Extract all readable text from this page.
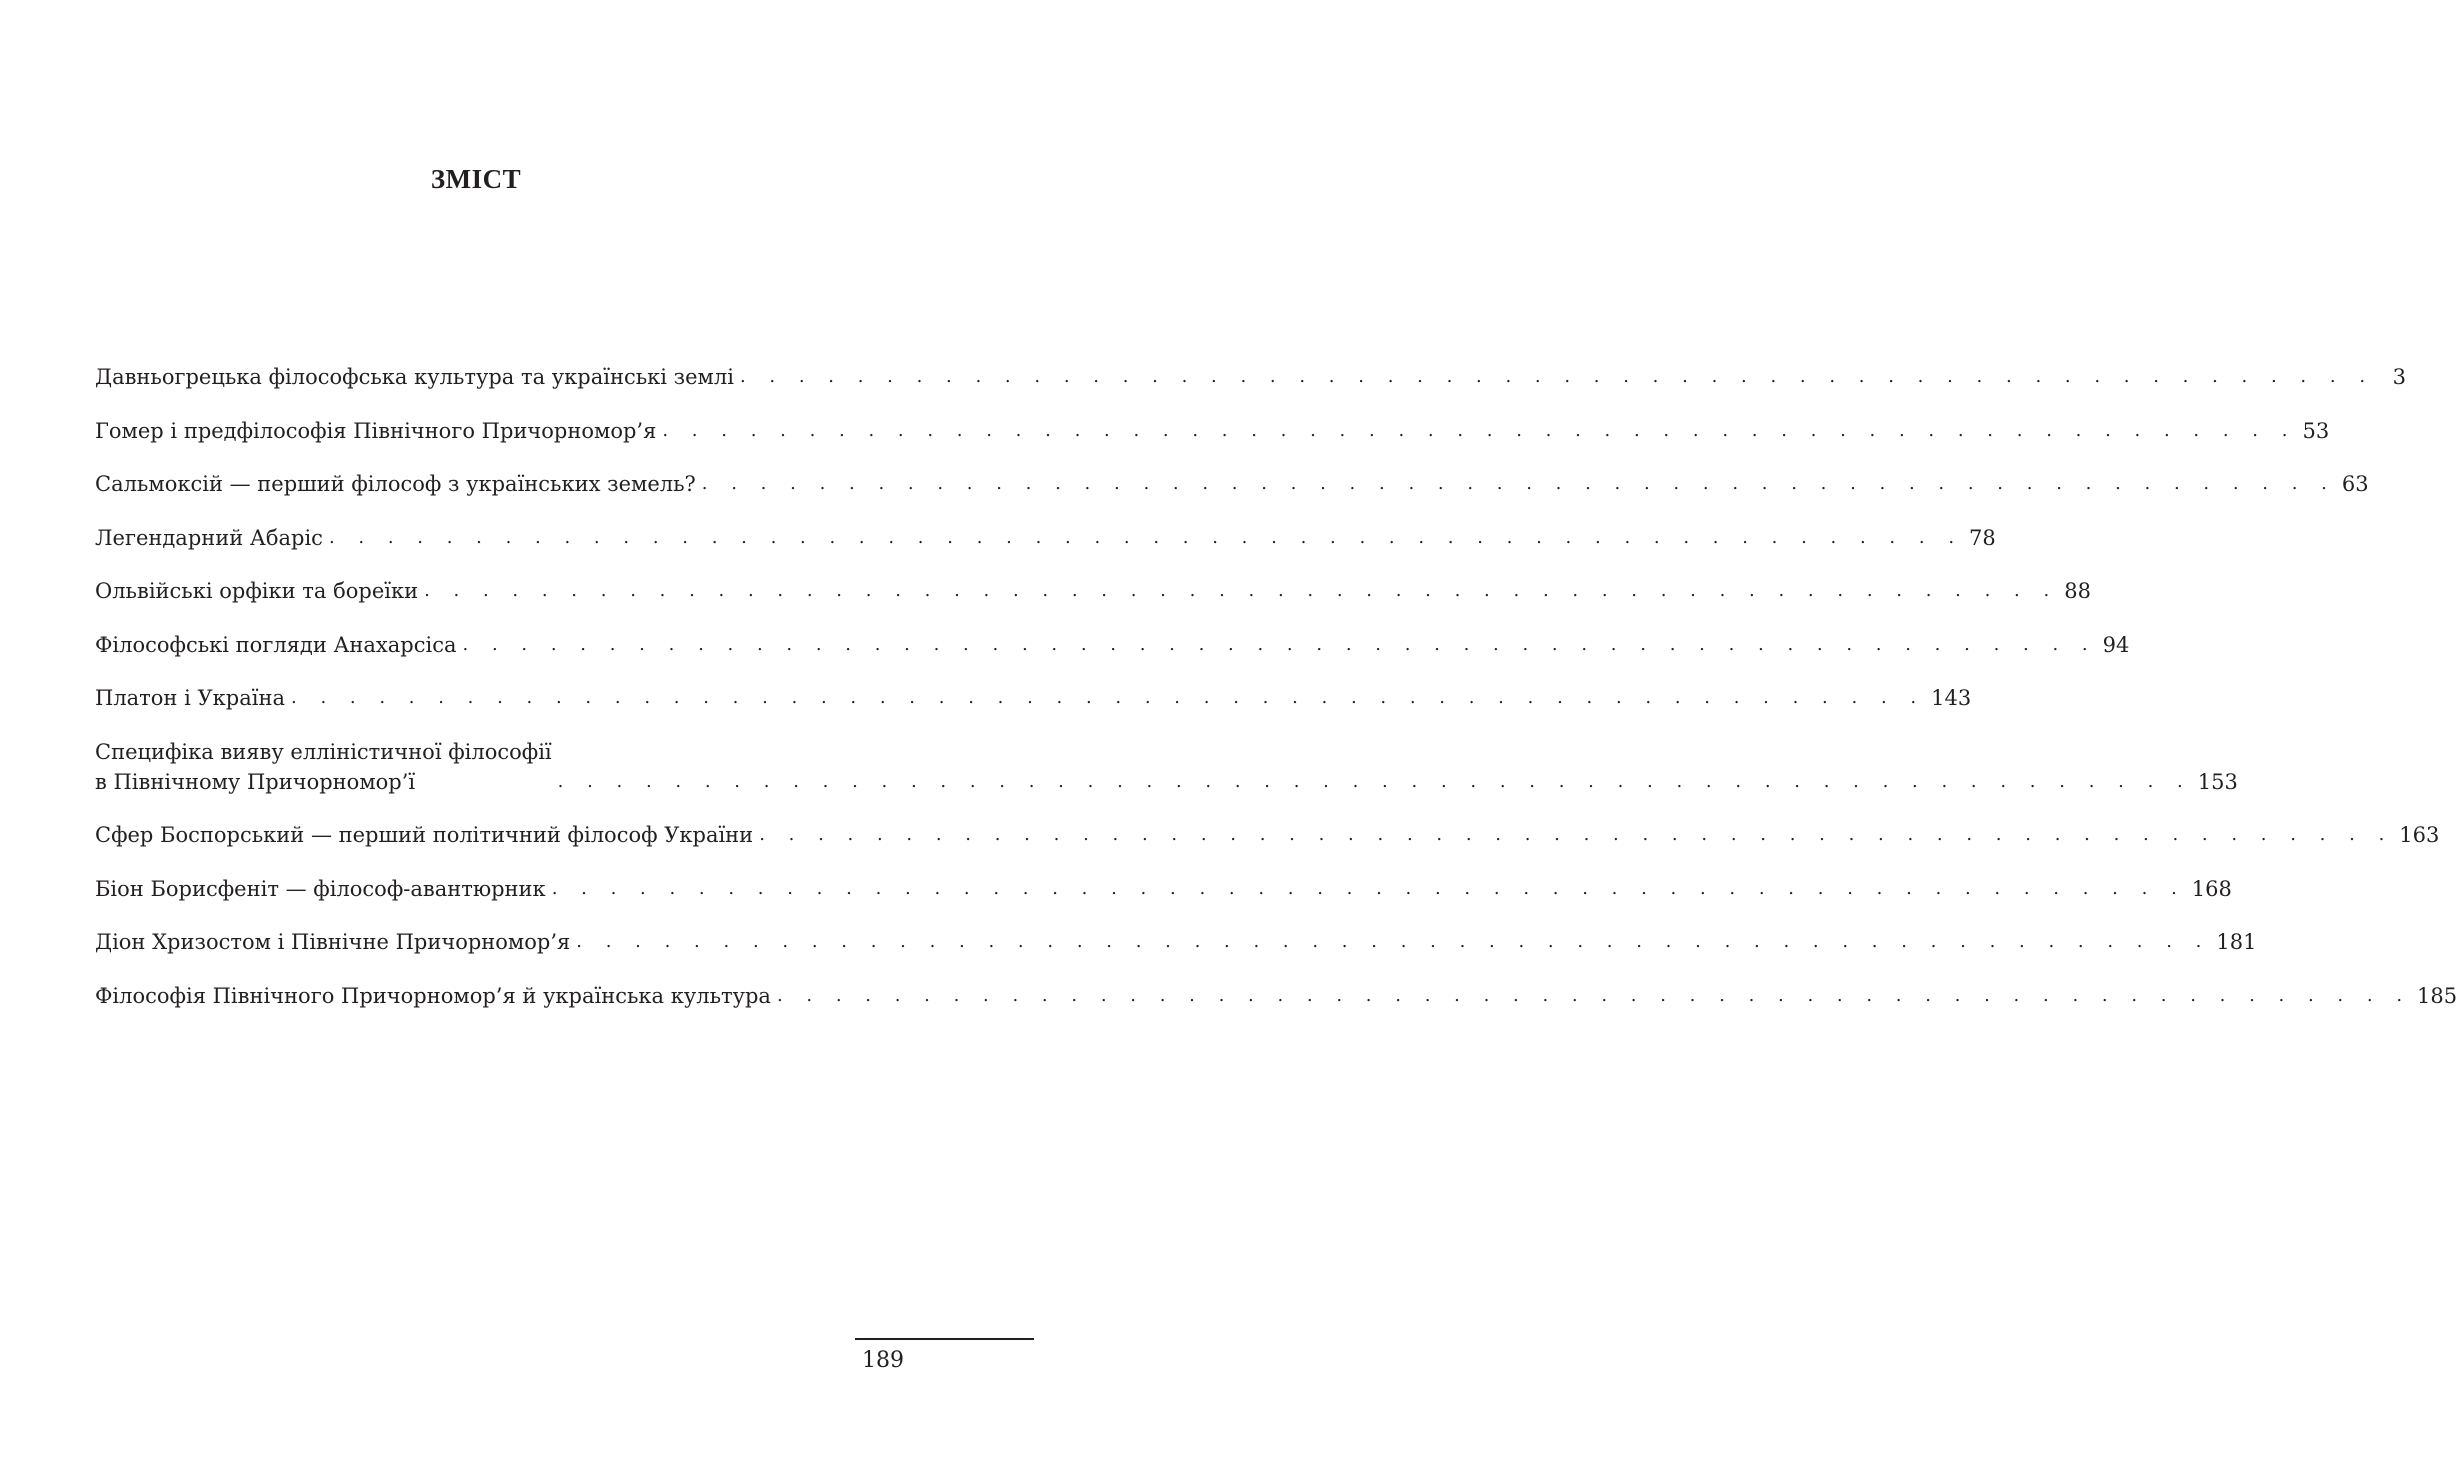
ЗМІСТ
Давньогрецька філософська культура та українські землі . . . . . . . . . . . . . . . . . . . . . . . . . . . . . . . . . . . . . . . . . . . . . . . . . . . . . . . . 3
Гомер і предфілософія Північного Причорномор’я . . . . . . . . . . . . . . . . . . . . . . . . . . . . . . . . . . . . . . . . . . . . . . . . . . . . . . . . 53
Сальмоксій — перший філософ з українських земель? . . . . . . . . . . . . . . . . . . . . . . . . . . . . . . . . . . . . . . . . . . . . . . . . . . . . . . . . 63
Легендарний Абаріс . . . . . . . . . . . . . . . . . . . . . . . . . . . . . . . . . . . . . . . . . . . . . . . . . . . . . . . . 78
Ольвійські орфіки та бореїки . . . . . . . . . . . . . . . . . . . . . . . . . . . . . . . . . . . . . . . . . . . . . . . . . . . . . . . . 88
Філософські погляди Анахарсіса . . . . . . . . . . . . . . . . . . . . . . . . . . . . . . . . . . . . . . . . . . . . . . . . . . . . . . . . 94
Платон і Україна . . . . . . . . . . . . . . . . . . . . . . . . . . . . . . . . . . . . . . . . . . . . . . . . . . . . . . . . 143
Специфіка вияву елліністичної філософії
в Північному Причорномор’ї	. . . . . . . . . . . . . . . . . . . . . . . . . . . . . . . . . . . . . . . . . . . . . . . . . . . . . . . . 153
Сфер Боспорський — перший політичний філософ України . . . . . . . . . . . . . . . . . . . . . . . . . . . . . . . . . . . . . . . . . . . . . . . . . . . . . . . . 163
Біон Борисфеніт — філософ-авантюрник . . . . . . . . . . . . . . . . . . . . . . . . . . . . . . . . . . . . . . . . . . . . . . . . . . . . . . . . 168
Діон Хризостом і Північне Причорномор’я . . . . . . . . . . . . . . . . . . . . . . . . . . . . . . . . . . . . . . . . . . . . . . . . . . . . . . . . 181
Філософія Північного Причорномор’я й українська культура . . . . . . . . . . . . . . . . . . . . . . . . . . . . . . . . . . . . . . . . . . . . . . . . . . . . . . . . 185
189
